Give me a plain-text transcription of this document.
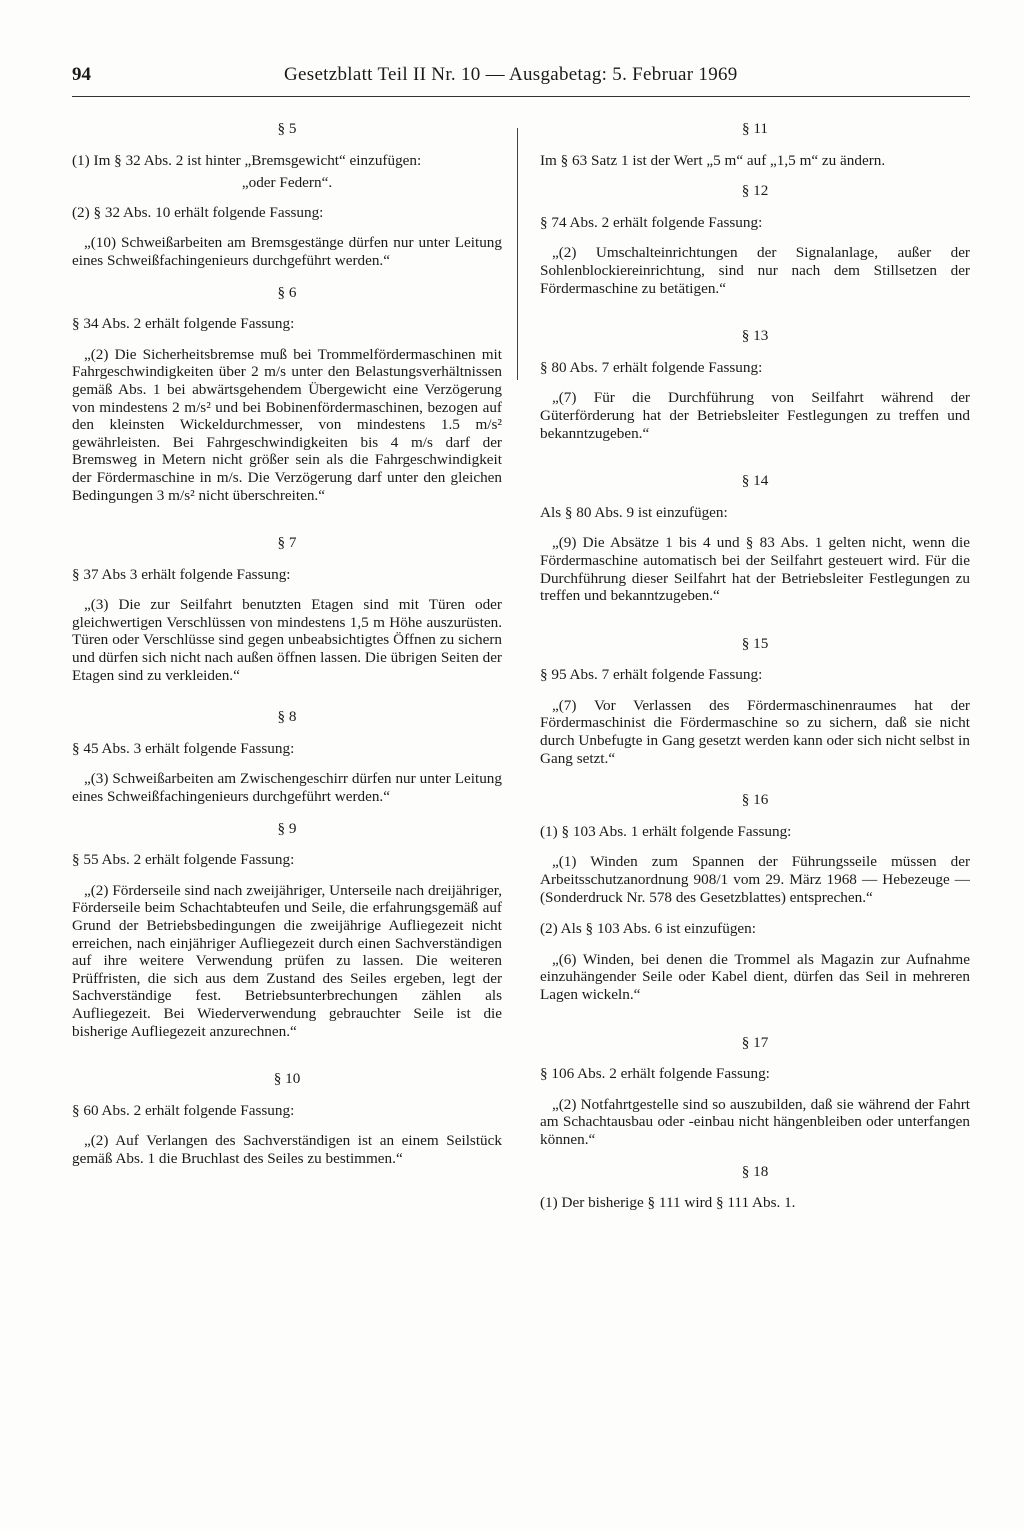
94	Gesetzblatt Teil II Nr. 10 — Ausgabetag: 5. Februar 1969
§ 5

(1) Im § 32 Abs. 2 ist hinter „Bremsgewicht“ einzufügen:

„oder Federn“.

(2) § 32 Abs. 10 erhält folgende Fassung:

„(10) Schweißarbeiten am Bremsgestänge dürfen nur unter Leitung eines Schweißfachingenieurs durchgeführt werden.“

§ 6

§ 34 Abs. 2 erhält folgende Fassung:

„(2) Die Sicherheitsbremse muß bei Trommelfördermaschinen mit Fahrgeschwindigkeiten über 2 m/s unter den Belastungsverhältnissen gemäß Abs. 1 bei abwärtsgehendem Übergewicht eine Verzögerung von mindestens 2 m/s² und bei Bobinenfördermaschinen, bezogen auf den kleinsten Wickeldurchmesser, von mindestens 1.5 m/s² gewährleisten. Bei Fahrgeschwindigkeiten bis 4 m/s darf der Bremsweg in Metern nicht größer sein als die Fahrgeschwindigkeit der Fördermaschine in m/s. Die Verzögerung darf unter den gleichen Bedingungen 3 m/s² nicht überschreiten.“

§ 7

§ 37 Abs 3 erhält folgende Fassung:

„(3) Die zur Seilfahrt benutzten Etagen sind mit Türen oder gleichwertigen Verschlüssen von mindestens 1,5 m Höhe auszurüsten. Türen oder Verschlüsse sind gegen unbeabsichtigtes Öffnen zu sichern und dürfen sich nicht nach außen öffnen lassen. Die übrigen Seiten der Etagen sind zu verkleiden.“

§ 8

§ 45 Abs. 3 erhält folgende Fassung:

„(3) Schweißarbeiten am Zwischengeschirr dürfen nur unter Leitung eines Schweißfachingenieurs durchgeführt werden.“

§ 9

§ 55 Abs. 2 erhält folgende Fassung:

„(2) Förderseile sind nach zweijähriger, Unterseile nach dreijähriger, Förderseile beim Schachtabteufen und Seile, die erfahrungsgemäß auf Grund der Betriebsbedingungen die zweijährige Aufliegezeit nicht erreichen, nach einjähriger Aufliegezeit durch einen Sachverständigen auf ihre weitere Verwendung prüfen zu lassen. Die weiteren Prüffristen, die sich aus dem Zustand des Seiles ergeben, legt der Sachverständige fest. Betriebsunterbrechungen zählen als Aufliegezeit. Bei Wiederverwendung gebrauchter Seile ist die bisherige Aufliegezeit anzurechnen.“

§ 10

§ 60 Abs. 2 erhält folgende Fassung:

„(2) Auf Verlangen des Sachverständigen ist an einem Seilstück gemäß Abs. 1 die Bruchlast des Seiles zu bestimmen.“

§ 11

Im § 63 Satz 1 ist der Wert „5 m“ auf „1,5 m“ zu ändern.

§ 12

§ 74 Abs. 2 erhält folgende Fassung:

„(2) Umschalteinrichtungen der Signalanlage, außer der Sohlenblockiereinrichtung, sind nur nach dem Stillsetzen der Fördermaschine zu betätigen.“

§ 13

§ 80 Abs. 7 erhält folgende Fassung:

„(7) Für die Durchführung von Seilfahrt während der Güterförderung hat der Betriebsleiter Festlegungen zu treffen und bekanntzugeben.“

§ 14

Als § 80 Abs. 9 ist einzufügen:

„(9) Die Absätze 1 bis 4 und § 83 Abs. 1 gelten nicht, wenn die Fördermaschine automatisch bei der Seilfahrt gesteuert wird. Für die Durchführung dieser Seilfahrt hat der Betriebsleiter Festlegungen zu treffen und bekanntzugeben.“

§ 15

§ 95 Abs. 7 erhält folgende Fassung:

„(7) Vor Verlassen des Fördermaschinenraumes hat der Fördermaschinist die Fördermaschine so zu sichern, daß sie nicht durch Unbefugte in Gang gesetzt werden kann oder sich nicht selbst in Gang setzt.“

§ 16

(1) § 103 Abs. 1 erhält folgende Fassung:

„(1) Winden zum Spannen der Führungsseile müssen der Arbeitsschutzanordnung 908/1 vom 29. März 1968 — Hebezeuge — (Sonderdruck Nr. 578 des Gesetzblattes) entsprechen.“

(2) Als § 103 Abs. 6 ist einzufügen:

„(6) Winden, bei denen die Trommel als Magazin zur Aufnahme einzuhängender Seile oder Kabel dient, dürfen das Seil in mehreren Lagen wickeln.“

§ 17

§ 106 Abs. 2 erhält folgende Fassung:

„(2) Notfahrtgestelle sind so auszubilden, daß sie während der Fahrt am Schachtausbau oder -einbau nicht hängenbleiben oder unterfangen können.“

§ 18

(1) Der bisherige § 111 wird § 111 Abs. 1.
